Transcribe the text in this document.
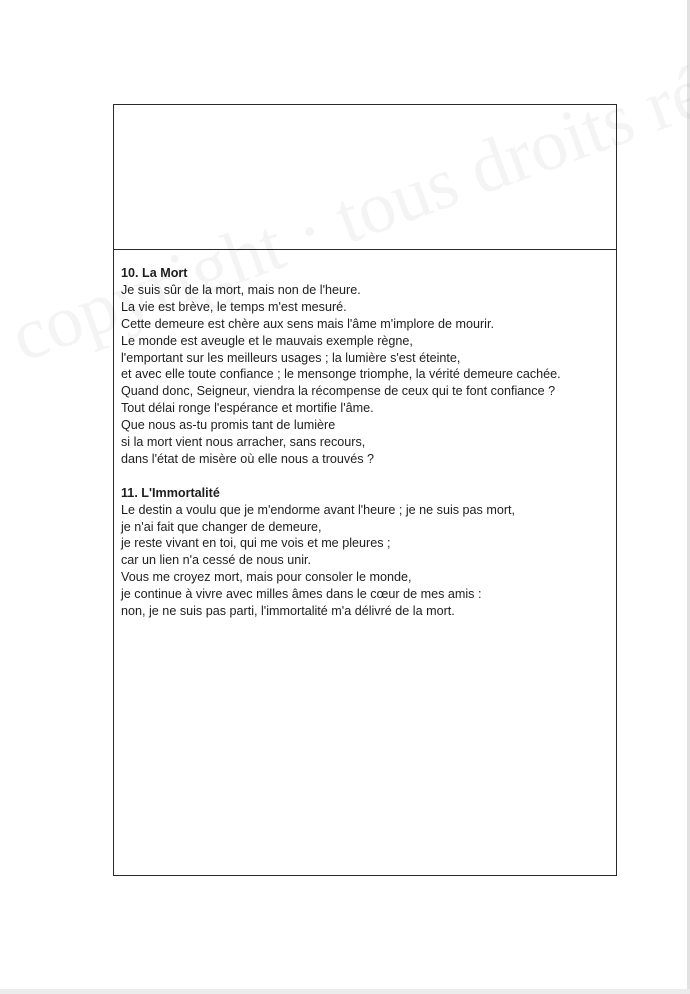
10. La Mort

Je suis sûr de la mort, mais non de l'heure.

La vie est brève, le temps m'est mesuré.

Cette demeure est chère aux sens mais l'âme m'implore de mourir.

Le monde est aveugle et le mauvais exemple règne,

l'emportant sur les meilleurs usages ; la lumière s'est éteinte,

et avec elle toute confiance ; le mensonge triomphe, la vérité demeure cachée.

Quand donc, Seigneur, viendra la récompense de ceux qui te font confiance ?

Tout délai ronge l'espérance et mortifie l'âme.

Que nous as-tu promis tant de lumière

si la mort vient nous arracher, sans recours,

dans l'état de misère où elle nous a trouvés ?

11. L'Immortalité

Le destin a voulu que je m'endorme avant l'heure ; je ne suis pas mort,

je n'ai fait que changer de demeure,

je reste vivant en toi, qui me vois et me pleures ;

car un lien n'a cessé de nous unir.

Vous me croyez mort, mais pour consoler le monde,

je continue à vivre avec milles âmes dans le cœur de mes amis :

non, je ne suis pas parti, l'immortalité m'a délivré de la mort.
